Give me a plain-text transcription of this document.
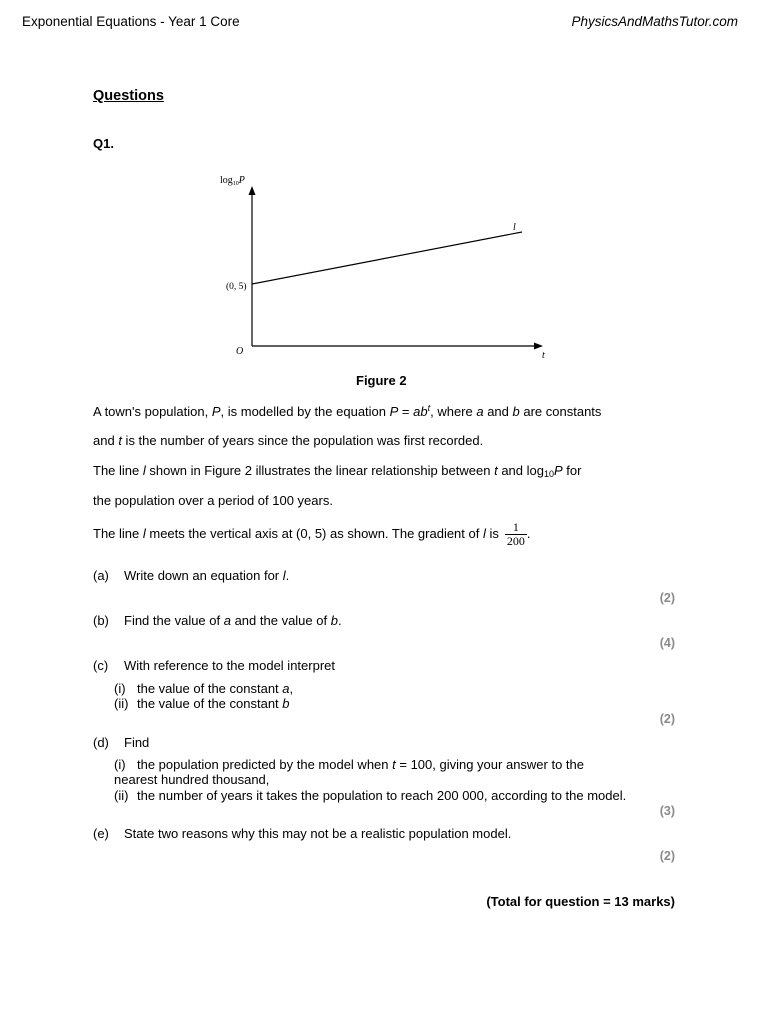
Exponential Equations - Year 1 Core	PhysicsAndMathsTutor.com
Questions
Q1.
$\log_{10}P$
(0, 5)
O	t
l
Figure 2
A town's population, P, is modelled by the equation $P = ab^t$, where a and b are constants
and t is the number of years since the population was first recorded.
The line l shown in Figure 2 illustrates the linear relationship between t and $\log_{10}P$ for
the population over a period of 100 years.
The line l meets the vertical axis at (0, 5) as shown. The gradient of l is $\frac{1}{200}$ .
(a) Write down an equation for l.
(2)
(b) Find the value of a and the value of b.
(4)
(c) With reference to the model interpret
(i) the value of the constant a,
(ii) the value of the constant b
(2)
(d) Find
(i) the population predicted by the model when t = 100, giving your answer to the
nearest hundred thousand,
(ii) the number of years it takes the population to reach 200 000, according to the model.
(3)
(e) State two reasons why this may not be a realistic population model.
(2)
(Total for question = 13 marks)
